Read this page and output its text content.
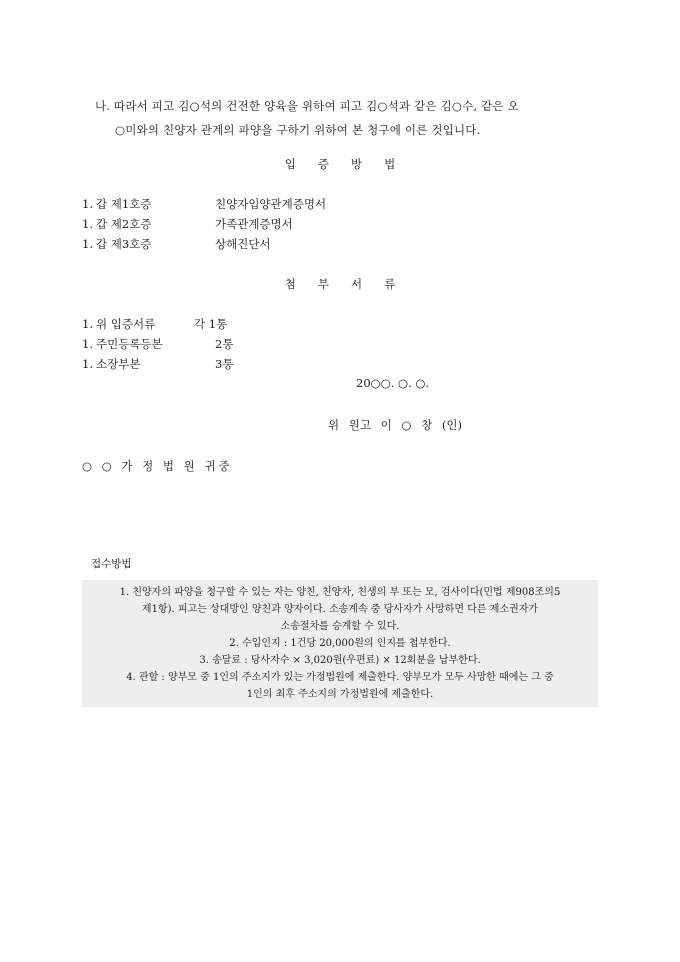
나. 따라서 피고 김○석의 건전한 양육을 위하여 피고 김○석과 같은 김○수, 같은 오
○미와의 친양자 관계의 파양을 구하기 위하여 본 청구에 이른 것입니다.
입 증 방 법
1. 갑 제1호증	친양자입양관계증명서
1. 갑 제2호증	가족관계증명서
1. 갑 제3호증	상해진단서
첨 부 서 류
1. 위 입증서류	각 1통
1. 주민등록등본	2통
1. 소장부본	3통
20○○. ○. ○.
위 원고 이 ○ 창 (인)
○ ○ 가 정 법 원 귀중
접수방법

1. 친양자의 파양을 청구할 수 있는 자는 양친, 친양자, 친생의 부 또는 모, 검사이다(민법 제908조의5

제1항). 피고는 상대방인 양친과 양자이다. 소송계속 중 당사자가 사망하면 다른 제소권자가

소송절차를 승계할 수 있다.

2. 수입인지 : 1건당 20,000원의 인지를 첩부한다.

3. 송달료 : 당사자수 × 3,020원(우편료) × 12회분을 납부한다.

4. 관할 : 양부모 중 1인의 주소지가 있는 가정법원에 제출한다. 양부모가 모두 사망한 때에는 그 중

1인의 최후 주소지의 가정법원에 제출한다.
